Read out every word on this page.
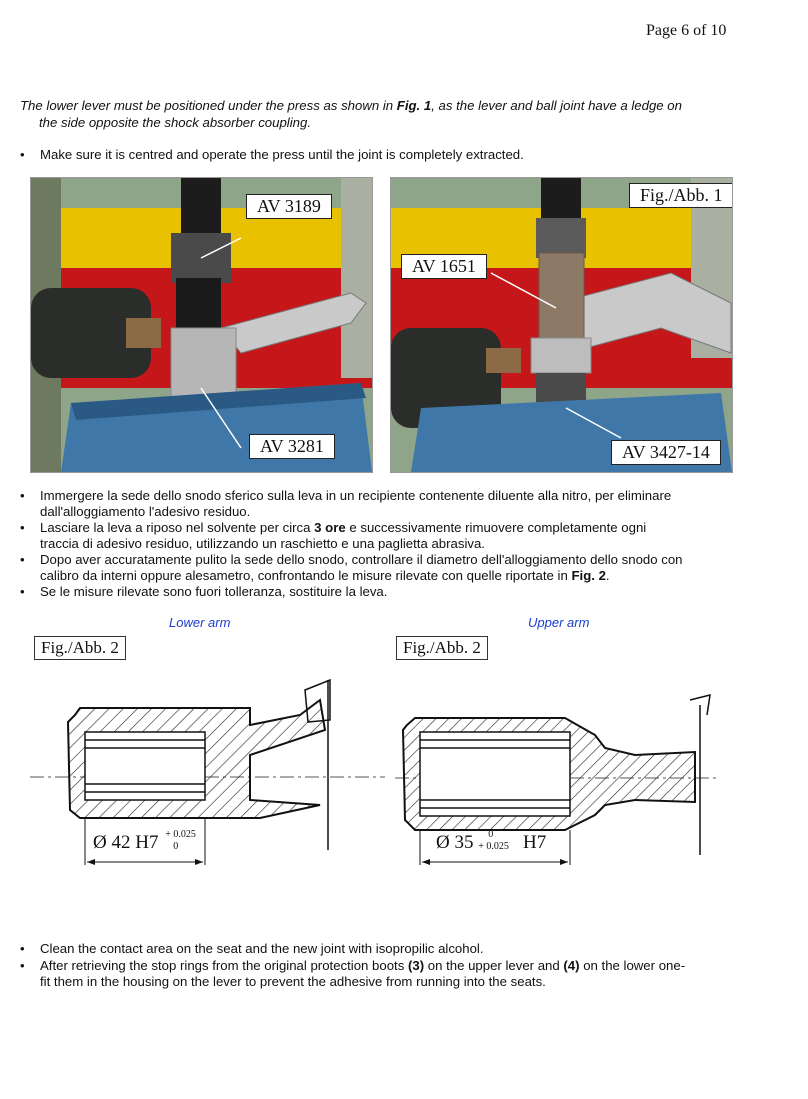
Page 6 of 10
The lower lever must be positioned under the press as shown in Fig. 1, as the lever and ball joint have a ledge on
the side opposite the shock absorber coupling.
• Make sure it is centred and operate the press until the joint is completely extracted.
AV 3189
AV 3281
Fig./Abb. 1
AV 1651
AV 3427-14
• Immergere la sede dello snodo sferico sulla leva in un recipiente contenente diluente alla nitro, per eliminare
dall'alloggiamento l'adesivo residuo.
• Lasciare la leva a riposo nel solvente per circa 3 ore e successivamente rimuovere completamente ogni
traccia di adesivo residuo, utilizzando un raschietto e una paglietta abrasiva.
• Dopo aver accuratamente pulito la sede dello snodo, controllare il diametro dell'alloggiamento dello snodo con
calibro da interni oppure alesametro, confrontando le misure rilevate con quelle riportate in Fig. 2.
• Se le misure rilevate sono fuori tolleranza, sostituire la leva.
Lower arm	Upper arm
Fig./Abb. 2	Fig./Abb. 2
Ø 42 H7 + 0.025
0	Ø 35 0
+ 0.025 H7
• Clean the contact area on the seat and the new joint with isopropilic alcohol.
• After retrieving the stop rings from the original protection boots (3) on the upper lever and (4) on the lower one-
fit them in the housing on the lever to prevent the adhesive from running into the seats.
